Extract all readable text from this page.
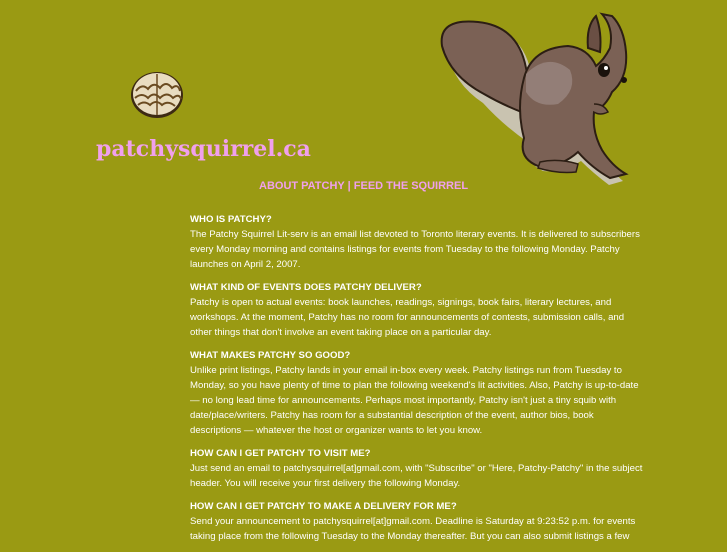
patchysquirrel.ca
ABOUT PATCHY | FEED THE SQUIRREL
WHO IS PATCHY?

The Patchy Squirrel Lit-serv is an email list devoted to Toronto literary events. It is delivered to subscribers every Monday morning and contains listings for events from Tuesday to the following Monday. Patchy launches on April 2, 2007.

WHAT KIND OF EVENTS DOES PATCHY DELIVER?

Patchy is open to actual events: book launches, readings, signings, book fairs, literary lectures, and workshops. At the moment, Patchy has no room for announcements of contests, submission calls, and other things that don't involve an event taking place on a particular day.

WHAT MAKES PATCHY SO GOOD?

Unlike print listings, Patchy lands in your email in-box every week. Patchy listings run from Tuesday to Monday, so you have plenty of time to plan the following weekend's lit activities. Also, Patchy is up-to-date — no long lead time for announcements. Perhaps most importantly, Patchy isn't just a tiny squib with date/place/writers. Patchy has room for a substantial description of the event, author bios, book descriptions — whatever the host or organizer wants to let you know.

HOW CAN I GET PATCHY TO VISIT ME?

Just send an email to patchysquirrel[at]gmail.com, with "Subscribe" or "Here, Patchy-Patchy" in the subject header. You will receive your first delivery the following Monday.

HOW CAN I GET PATCHY TO MAKE A DELIVERY FOR ME?

Send your announcement to patchysquirrel[at]gmail.com. Deadline is Saturday at 9:23:52 p.m. for events taking place from the following Tuesday to the Monday thereafter. But you can also submit listings a few
